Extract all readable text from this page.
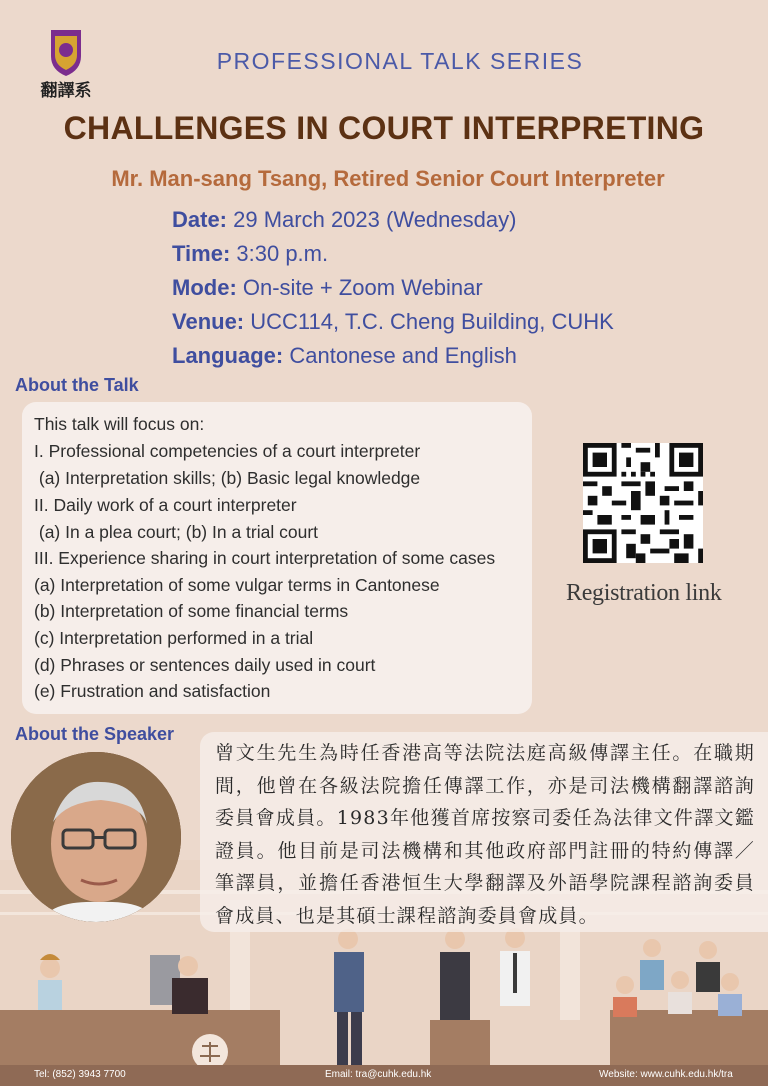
翻譯系
PROFESSIONAL TALK SERIES
CHALLENGES IN COURT INTERPRETING
Mr. Man-sang Tsang, Retired Senior Court Interpreter
Date: 29 March 2023 (Wednesday)
Time: 3:30 p.m.
Mode: On-site + Zoom Webinar
Venue: UCC114, T.C. Cheng Building, CUHK
Language: Cantonese and English
About the Talk
This talk will focus on:
I. Professional competencies of a court interpreter
(a) Interpretation skills; (b) Basic legal knowledge
II. Daily work of a court interpreter
(a) In a plea court; (b) In a trial court
III. Experience sharing in court interpretation of some cases
(a) Interpretation of some vulgar terms in Cantonese
(b) Interpretation of some financial terms
(c) Interpretation performed in a trial
(d) Phrases or sentences daily used in court
(e) Frustration and satisfaction
Registration link
About the Speaker
曾文生先生為時任香港高等法院法庭高級傳譯主任。在職期間，他曾在各級法院擔任傳譯工作，亦是司法機構翻譯諮詢委員會成員。1983年他獲首席按察司委任為法律文件譯文鑑證員。他目前是司法機構和其他政府部門註冊的特約傳譯／筆譯員，並擔任香港恒生大學翻譯及外語學院課程諮詢委員會成員、也是其碩士課程諮詢委員會成員。
Tel: (852) 3943 7700	Email: tra@cuhk.edu.hk	Website: www.cuhk.edu.hk/tra
